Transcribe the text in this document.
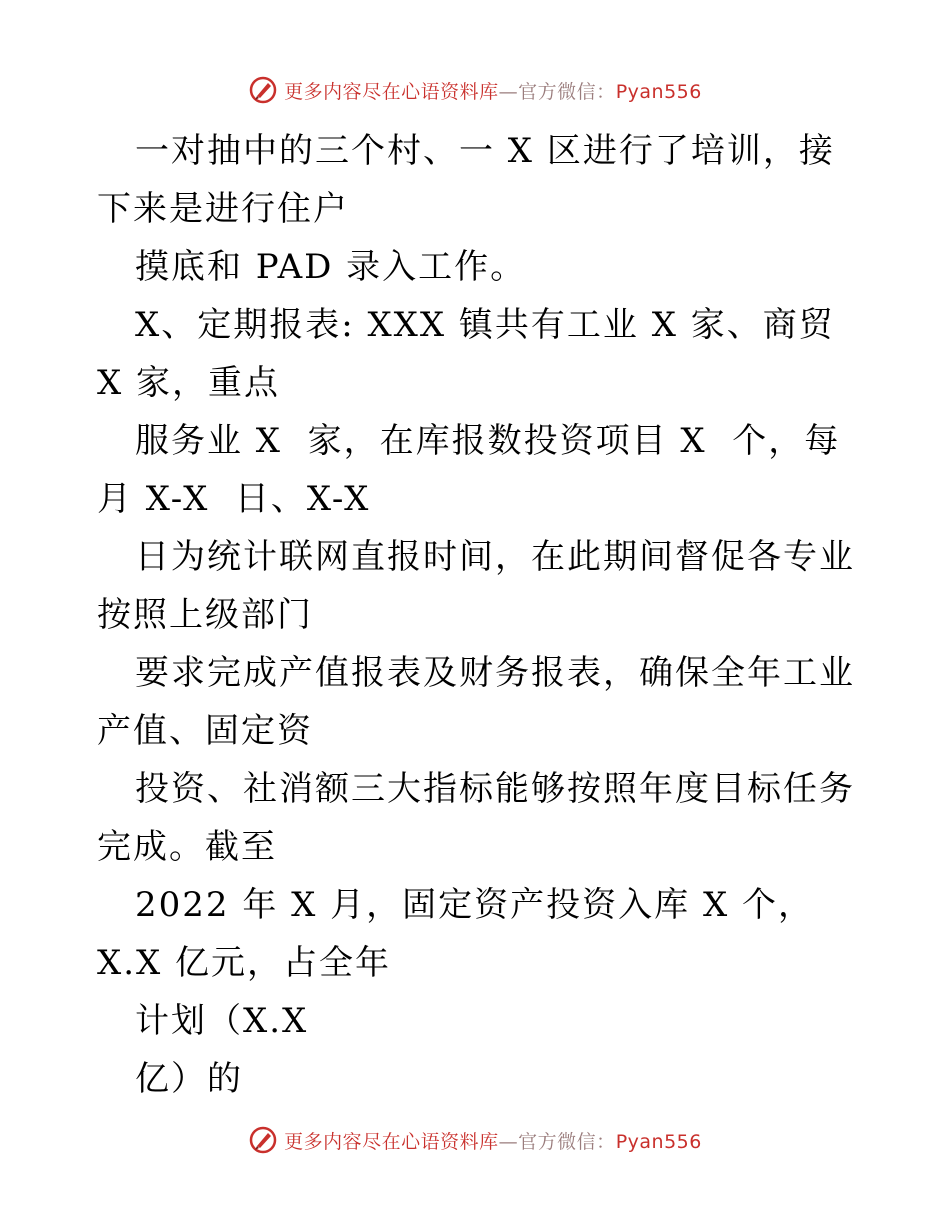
更多内容尽在心语资料库—官方微信：Pyan556

一对抽中的三个村、一 X 区进行了培训，接下来是进行住户

摸底和 PAD 录入工作。

X、定期报表: XXX 镇共有工业 X 家、商贸 X 家，重点

服务业 X  家，在库报数投资项目 X  个，每月 X-X  日、X-X

日为统计联网直报时间，在此期间督促各专业按照上级部门

要求完成产值报表及财务报表，确保全年工业产值、固定资

投资、社消额三大指标能够按照年度目标任务完成。截至

2022 年 X 月，固定资产投资入库 X 个，X.X 亿元，占全年

计划（X.X

亿）的

更多内容尽在心语资料库—官方微信：Pyan556
